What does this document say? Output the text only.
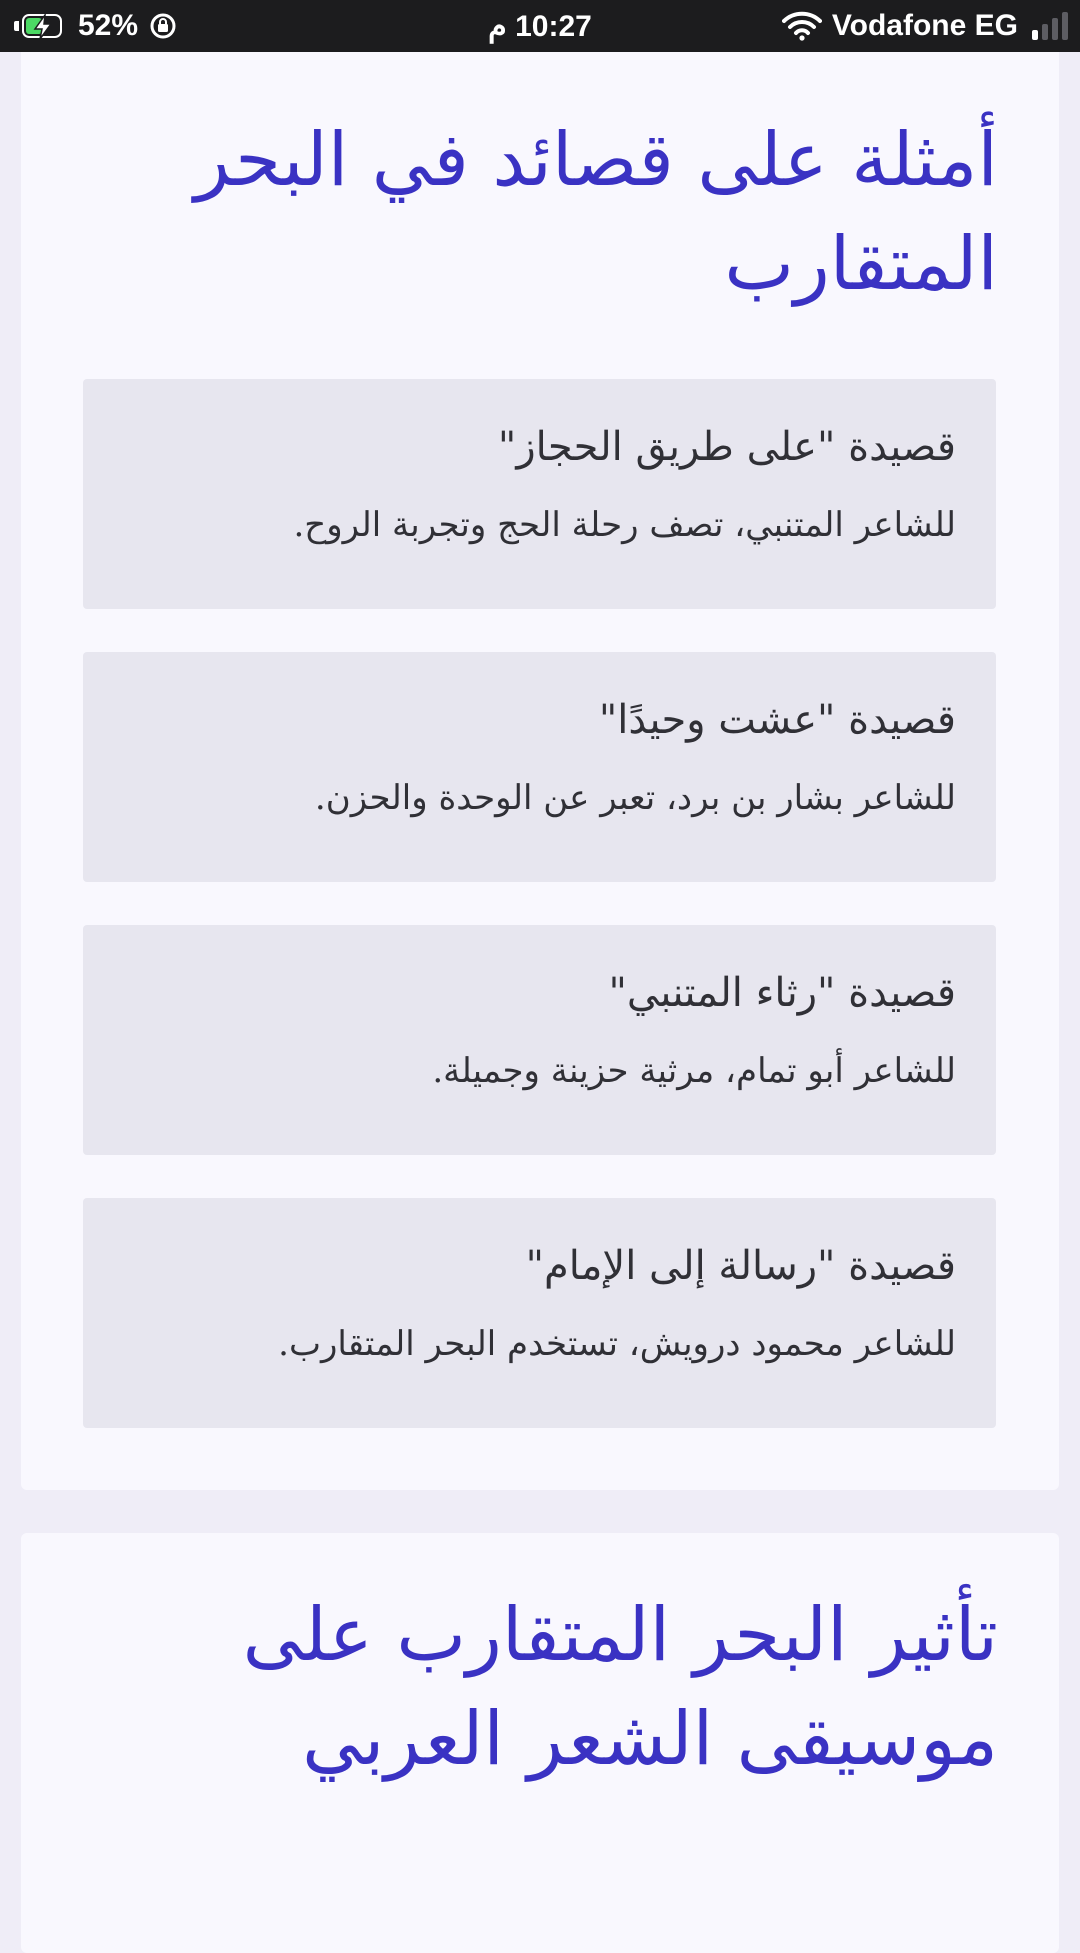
52%	10:27 م	Vodafone EG
أمثلة على قصائد في البحر المتقارب
قصيدة "على طريق الحجاز"
للشاعر المتنبي، تصف رحلة الحج وتجربة الروح.
قصيدة "عشت وحيدًا"
للشاعر بشار بن برد، تعبر عن الوحدة والحزن.
قصيدة "رثاء المتنبي"
للشاعر أبو تمام، مرثية حزينة وجميلة.
قصيدة "رسالة إلى الإمام"
للشاعر محمود درويش، تستخدم البحر المتقارب.
تأثير البحر المتقارب على موسيقى الشعر العربي
